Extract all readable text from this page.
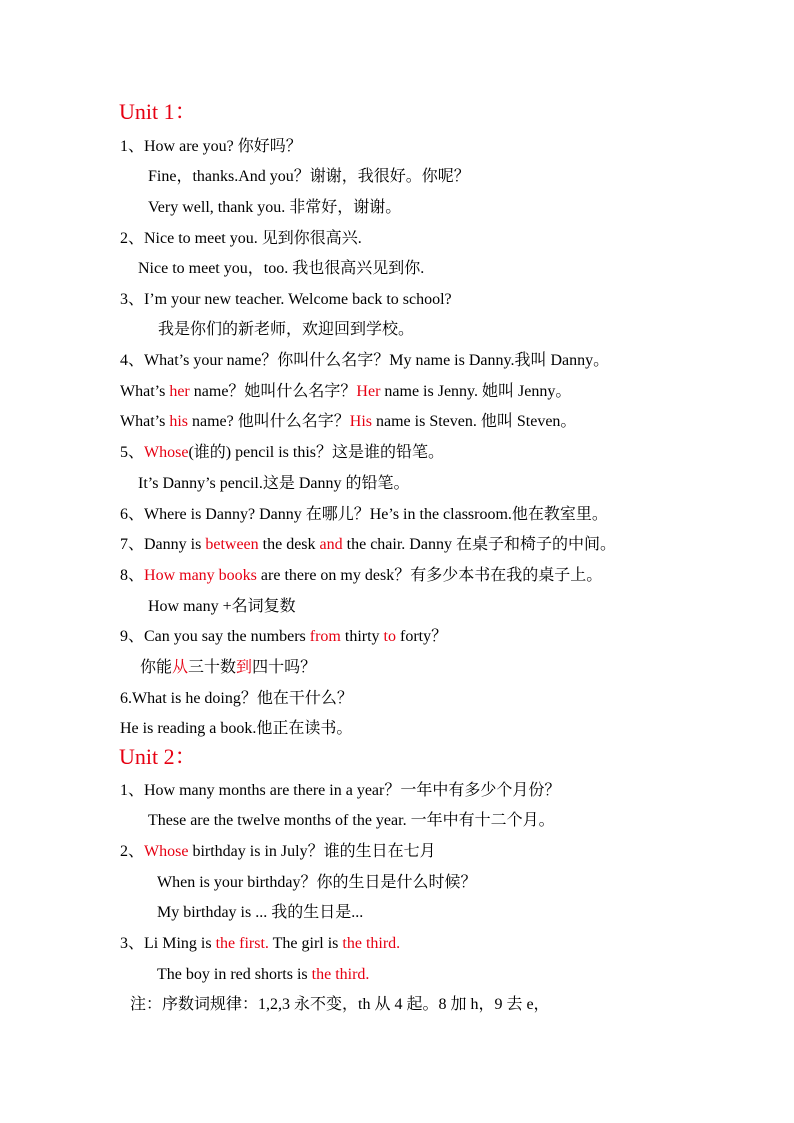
Unit 1：
1、How are you? 你好吗？
Fine，thanks.And you？谢谢，我很好。你呢？
Very well, thank you. 非常好，谢谢。
2、Nice to meet you. 见到你很高兴.
Nice to meet you，too. 我也很高兴见到你.
3、I’m your new teacher. Welcome back to school?
我是你们的新老师，欢迎回到学校。
4、What’s your name？你叫什么名字？My name is Danny.我叫 Danny。
What’s her name？她叫什么名字？Her name is Jenny. 她叫 Jenny。
What’s his name? 他叫什么名字？His name is Steven. 他叫 Steven。
5、Whose(谁的) pencil is this？这是谁的铅笔。
It’s Danny’s pencil.这是 Danny 的铅笔。
6、Where is Danny? Danny 在哪儿？He’s in the classroom.他在教室里。
7、Danny is between the desk and the chair. Danny 在桌子和椅子的中间。
8、How many books are there on my desk？有多少本书在我的桌子上。
How many +名词复数
9、Can you say the numbers from thirty to forty？
你能从三十数到四十吗？
6.What is he doing？他在干什么？
He is reading a book.他正在读书。
Unit 2：
1、How many months are there in a year？一年中有多少个月份？
These are the twelve months of the year. 一年中有十二个月。
2、Whose birthday is in July？谁的生日在七月
When is your birthday？你的生日是什么时候？
My birthday is ... 我的生日是...
3、Li Ming is the first. The girl is the third.
The boy in red shorts is the third.
注：序数词规律：1,2,3 永不变，th 从 4 起。8 加 h，9 去 e，
